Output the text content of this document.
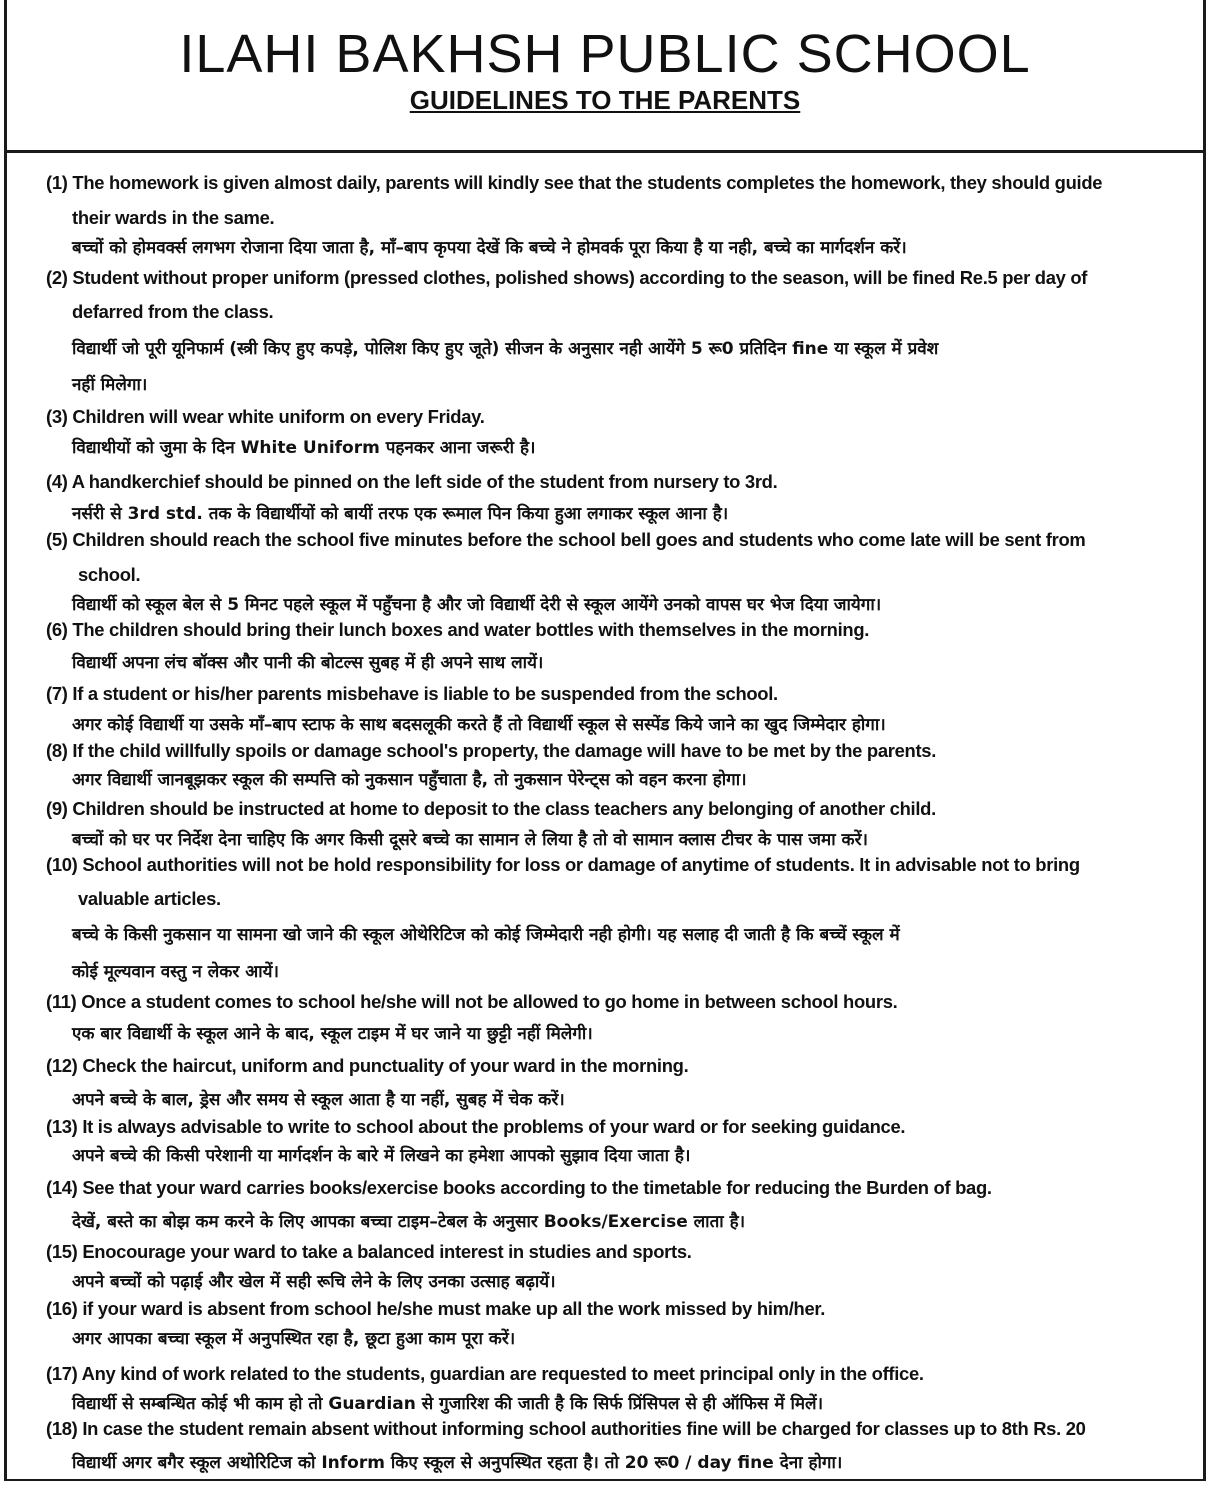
ILAHI BAKHSH PUBLIC SCHOOL
GUIDELINES TO THE PARENTS
(1) The homework is given almost daily, parents will kindly see that the students completes the homework, they should guide
their wards in the same.
बच्चों को होमवर्क्स लगभग रोजाना दिया जाता है, माँ–बाप कृपया देखें कि बच्चे ने होमवर्क पूरा किया है या नही, बच्चे का मार्गदर्शन करें।
(2) Student without proper uniform (pressed clothes, polished shows) according to the season, will be fined Re.5 per day of
defarred from the class.
विद्यार्थी जो पूरी यूनिफार्म (स्त्री किए हुए कपड़े, पोलिश किए हुए जूते) सीजन के अनुसार नही आयेंगे 5 रू0 प्रतिदिन fine या स्कूल में प्रवेश
नहीं मिलेगा।
(3) Children will wear white uniform on every Friday.
विद्याथीयों को जुमा के दिन White Uniform पहनकर आना जरूरी है।
(4) A handkerchief should be pinned on the left side of the student from nursery to 3rd.
नर्सरी से 3rd std. तक के विद्यार्थीयों को बायीं तरफ एक रूमाल पिन किया हुआ लगाकर स्कूल आना है।
(5) Children should reach the school five minutes before the school bell goes and students who come late will be sent from
school.
विद्यार्थी को स्कूल बेल से 5 मिनट पहले स्कूल में पहुँचना है और जो विद्यार्थी देरी से स्कूल आयेंगे उनको वापस घर भेज दिया जायेगा।
(6) The children should bring their lunch boxes and water bottles with themselves in the morning.
विद्यार्थी अपना लंच बॉक्स और पानी की बोटल्स सुबह में ही अपने साथ लायें।
(7) If a student or his/her parents misbehave is liable to be suspended from the school.
अगर कोई विद्यार्थी या उसके माँ–बाप स्टाफ के साथ बदसलूकी करते हैं तो विद्यार्थी स्कूल से सस्पेंड किये जाने का खुद जिम्मेदार होगा।
(8) If the child willfully spoils or damage school's property, the damage will have to be met by the parents.
अगर विद्यार्थी जानबूझकर स्कूल की सम्पत्ति को नुकसान पहुँचाता है, तो नुकसान पेरेन्ट्स को वहन करना होगा।
(9) Children should be instructed at home to deposit to the class teachers any belonging of another child.
बच्चों को घर पर निर्देश देना चाहिए कि अगर किसी दूसरे बच्चे का सामान ले लिया है तो वो सामान क्लास टीचर के पास जमा करें।
(10) School authorities will not be hold responsibility for loss or damage of anytime of students. It in advisable not to bring
valuable articles.
बच्चे के किसी नुकसान या सामना खो जाने की स्कूल ओथेरिटिज को कोई जिम्मेदारी नही होगी। यह सलाह दी जाती है कि बच्चें स्कूल में
कोई मूल्यवान वस्तु न लेकर आयें।
(11) Once a student comes to school he/she will not be allowed to go home in between school hours.
एक बार विद्यार्थी के स्कूल आने के बाद, स्कूल टाइम में घर जाने या छुट्टी नहीं मिलेगी।
(12) Check the haircut, uniform and punctuality of your ward in the morning.
अपने बच्चे के बाल, ड्रेस और समय से स्कूल आता है या नहीं, सुबह में चेक करें।
(13) It is always advisable to write to school about the problems of your ward or for seeking guidance.
अपने बच्चे की किसी परेशानी या मार्गदर्शन के बारे में लिखने का हमेशा आपको सुझाव दिया जाता है।
(14) See that your ward carries books/exercise books according to the timetable for reducing the Burden of bag.
देखें, बस्ते का बोझ कम करने के लिए आपका बच्चा टाइम–टेबल के अनुसार Books/Exercise लाता है।
(15) Enocourage your ward to take a balanced interest in studies and sports.
अपने बच्चों को पढ़ाई और खेल में सही रूचि लेने के लिए उनका उत्साह बढ़ायें।
(16) if your ward is absent from school he/she must make up all the work missed by him/her.
अगर आपका बच्चा स्कूल में अनुपस्थित रहा है, छूटा हुआ काम पूरा करें।
(17) Any kind of work related to the students, guardian are requested to meet principal only in the office.
विद्यार्थी से सम्बन्धित कोई भी काम हो तो Guardian से गुजारिश की जाती है कि सिर्फ प्रिंसिपल से ही ऑफिस में मिलें।
(18) In case the student remain absent without informing school authorities fine will be charged for classes up to 8th Rs. 20
विद्यार्थी अगर बगैर स्कूल अथोरिटिज को Inform किए स्कूल से अनुपस्थित रहता है। तो 20 रू0 / day fine देना होगा।
